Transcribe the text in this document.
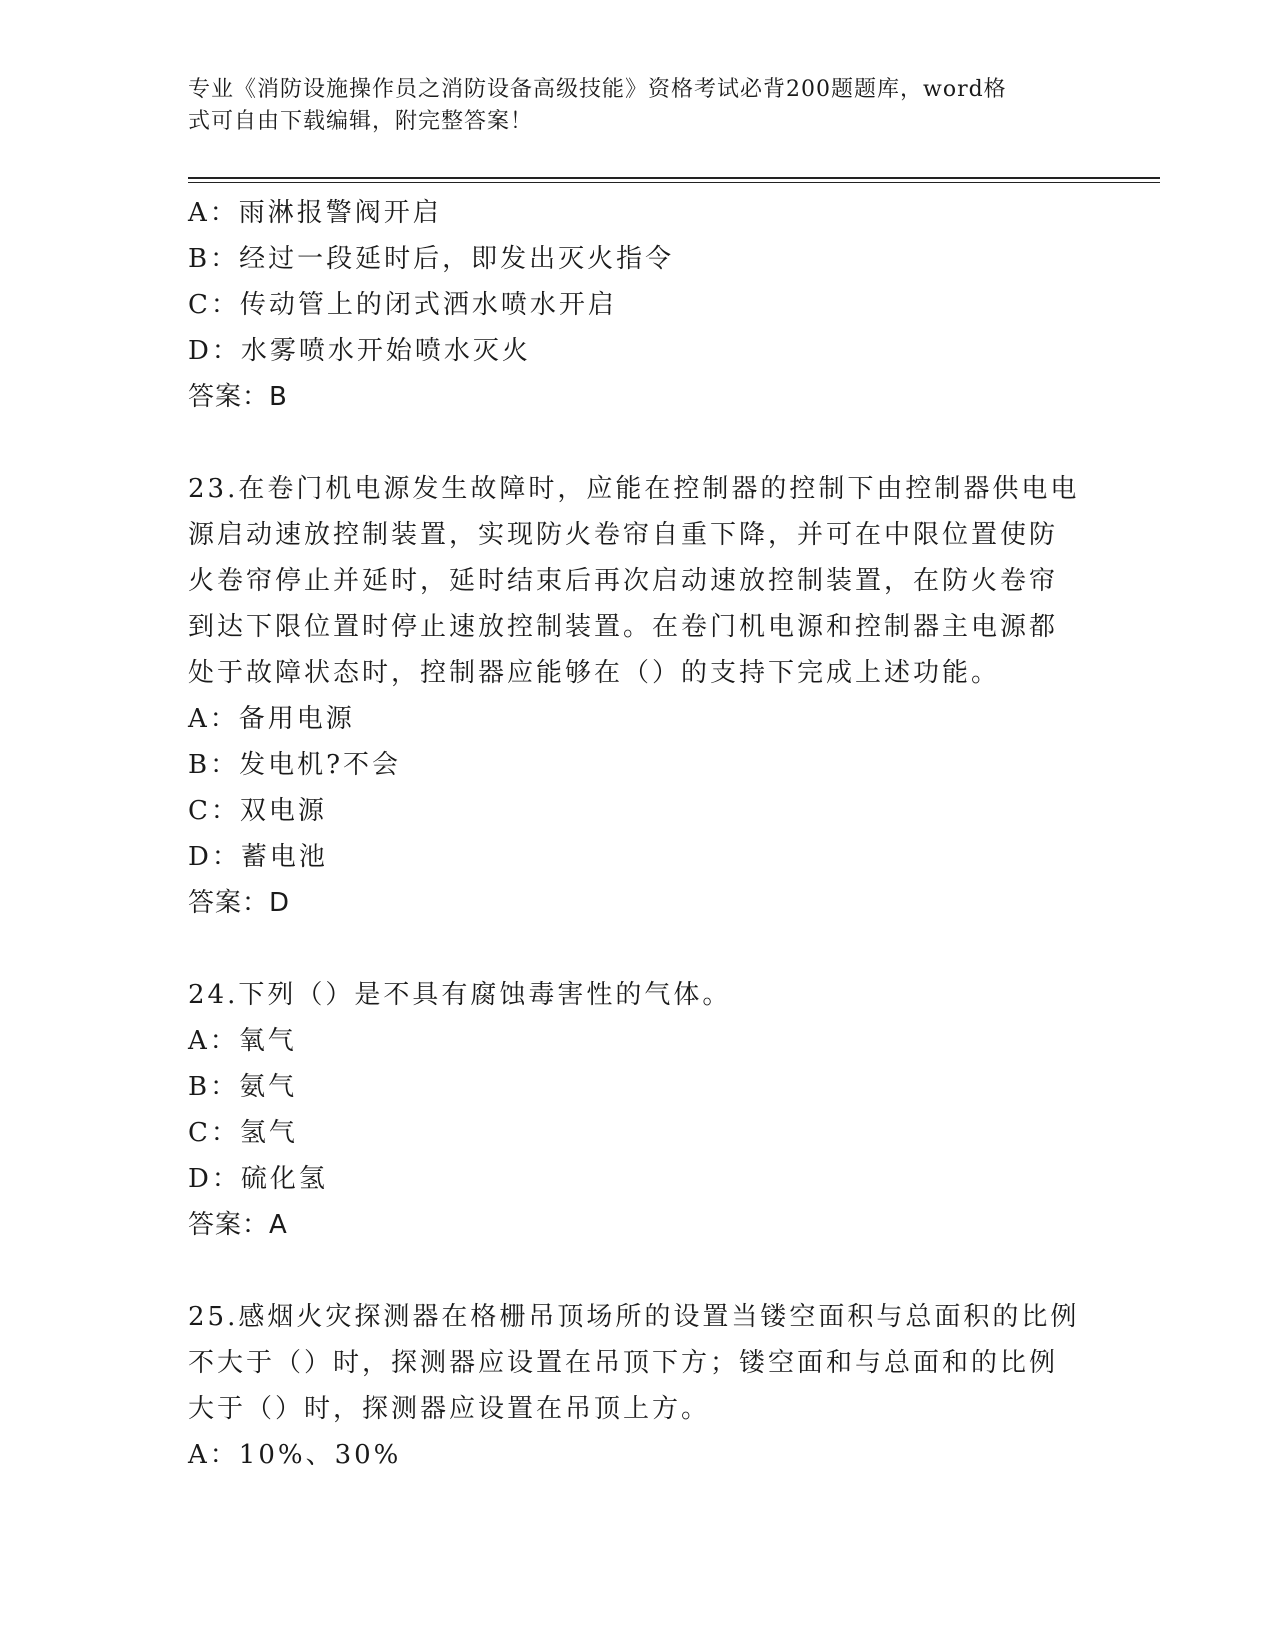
专业《消防设施操作员之消防设备高级技能》资格考试必背200题题库，word格
式可自由下载编辑，附完整答案！
A：雨淋报警阀开启
B：经过一段延时后，即发出灭火指令
C：传动管上的闭式洒水喷水开启
D：水雾喷水开始喷水灭火
答案：B
23.在卷门机电源发生故障时，应能在控制器的控制下由控制器供电电
源启动速放控制装置，实现防火卷帘自重下降，并可在中限位置使防
火卷帘停止并延时，延时结束后再次启动速放控制装置，在防火卷帘
到达下限位置时停止速放控制装置。在卷门机电源和控制器主电源都
处于故障状态时，控制器应能够在（）的支持下完成上述功能。
A：备用电源
B：发电机?不会
C：双电源
D：蓄电池
答案：D
24.下列（）是不具有腐蚀毒害性的气体。
A：氧气
B：氨气
C：氢气
D：硫化氢
答案：A
25.感烟火灾探测器在格栅吊顶场所的设置当镂空面积与总面积的比例
不大于（）时，探测器应设置在吊顶下方；镂空面和与总面和的比例
大于（）时，探测器应设置在吊顶上方。
A：10%、30%
